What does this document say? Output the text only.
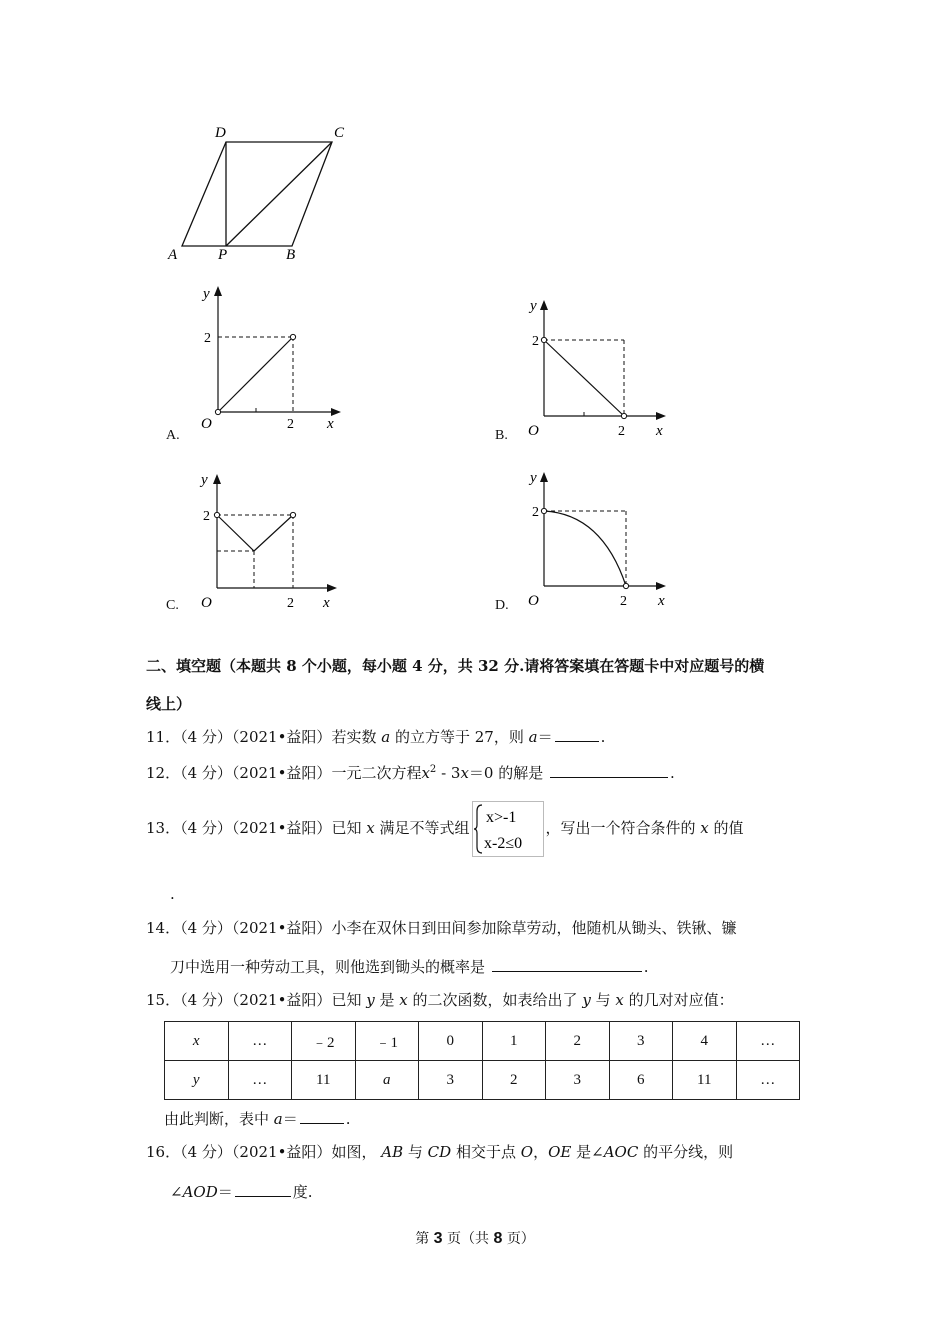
D	C
A	P	B
A.
y
x
O	2
2
B.
y
x
O	2
2
C.
y
x
O	2
2
D.
y
x
O	2
2
二、填空题（本题共 8 个小题，每小题 4 分，共 32 分.请将答案填在答题卡中对应题号的横
线上）
11．（4 分）（2021•益阳）若实数 a 的立方等于 27，则 a＝	.
12．（4 分）（2021•益阳）一元二次方程$x^2 - 3x=0$ 的解是	.
13．（4 分）（2021•益阳）已知 x 满足不等式组
x>-1
x-2≤0
，写出一个符合条件的 x 的值
.
14．（4 分）（2021•益阳）小李在双休日到田间参加除草劳动，他随机从锄头、铁锹、镰
刀中选用一种劳动工具，则他选到锄头的概率是	.
15．（4 分）（2021•益阳）已知 y 是 x 的二次函数，如表给出了 y 与 x 的几对对应值：
x	…	﹣2	﹣1	0	1	2	3	4	…
y	…	11	a	3	2	3	6	11	…
由此判断，表中 a＝	.
16．（4 分）（2021•益阳）如图， AB 与 CD 相交于点 O，OE 是∠AOC 的平分线，则
∠AOD＝	度.
第 3 页（共 8 页）
